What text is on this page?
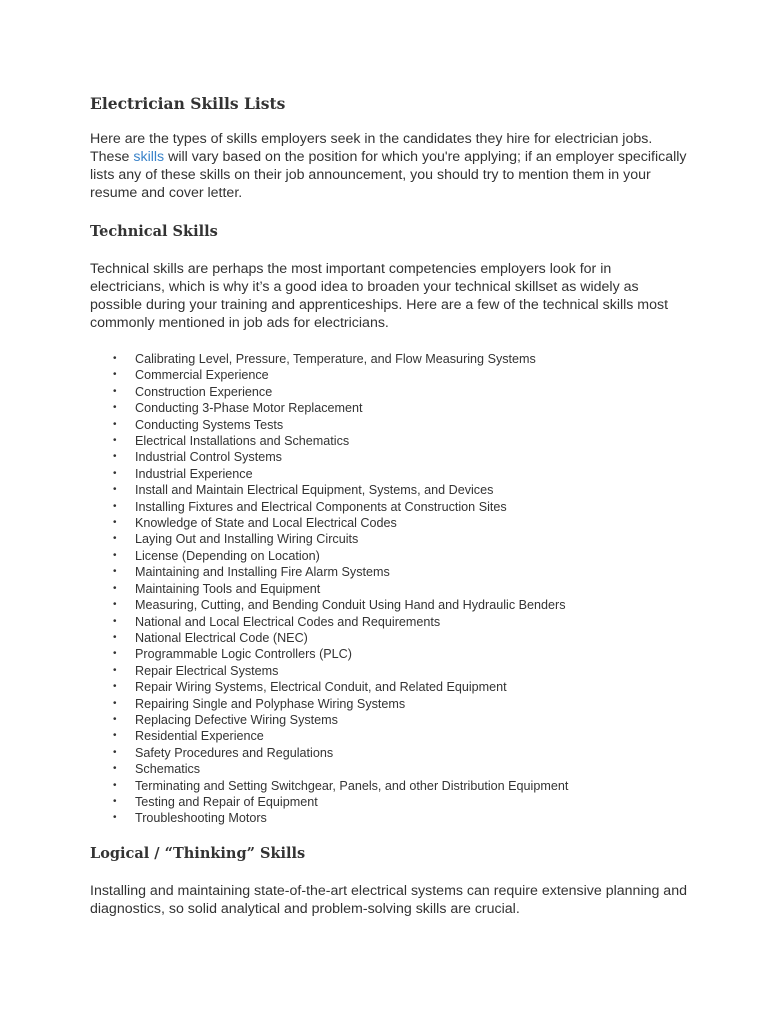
Electrician Skills Lists

Here are the types of skills employers seek in the candidates they hire for electrician jobs. These skills will vary based on the position for which you're applying; if an employer specifically lists any of these skills on their job announcement, you should try to mention them in your resume and cover letter.

Technical Skills

Technical skills are perhaps the most important competencies employers look for in electricians, which is why it’s a good idea to broaden your technical skillset as widely as possible during your training and apprenticeships. Here are a few of the technical skills most commonly mentioned in job ads for electricians.

• Calibrating Level, Pressure, Temperature, and Flow Measuring Systems
• Commercial Experience
• Construction Experience
• Conducting 3-Phase Motor Replacement
• Conducting Systems Tests
• Electrical Installations and Schematics
• Industrial Control Systems
• Industrial Experience
• Install and Maintain Electrical Equipment, Systems, and Devices
• Installing Fixtures and Electrical Components at Construction Sites
• Knowledge of State and Local Electrical Codes
• Laying Out and Installing Wiring Circuits
• License (Depending on Location)
• Maintaining and Installing Fire Alarm Systems
• Maintaining Tools and Equipment
• Measuring, Cutting, and Bending Conduit Using Hand and Hydraulic Benders
• National and Local Electrical Codes and Requirements
• National Electrical Code (NEC)
• Programmable Logic Controllers (PLC)
• Repair Electrical Systems
• Repair Wiring Systems, Electrical Conduit, and Related Equipment
• Repairing Single and Polyphase Wiring Systems
• Replacing Defective Wiring Systems
• Residential Experience
• Safety Procedures and Regulations
• Schematics
• Terminating and Setting Switchgear, Panels, and other Distribution Equipment
• Testing and Repair of Equipment
• Troubleshooting Motors
Logical / “Thinking” Skills

Installing and maintaining state-of-the-art electrical systems can require extensive planning and diagnostics, so solid analytical and problem-solving skills are crucial.
